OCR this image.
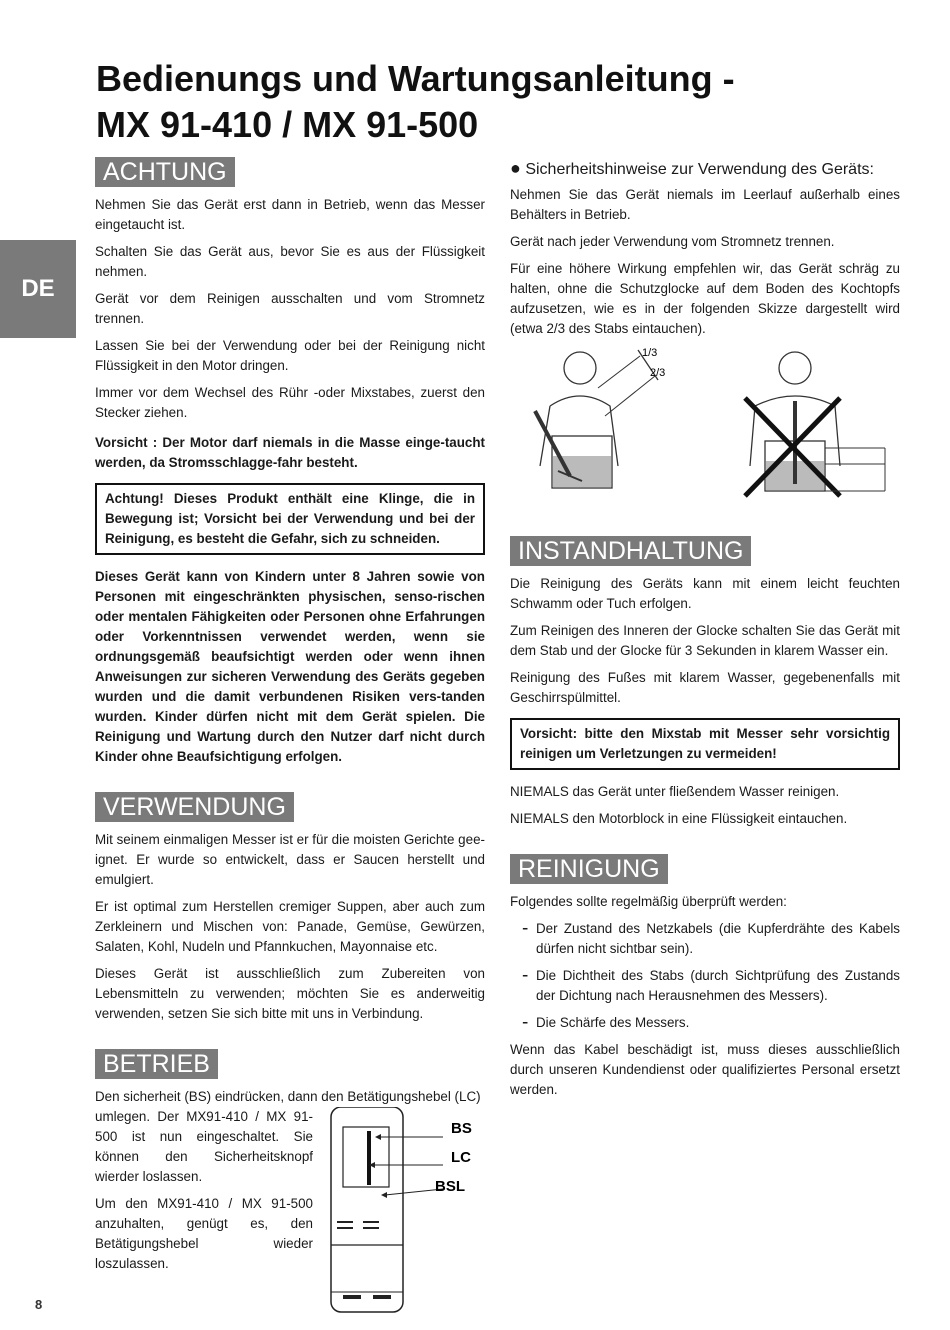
Bedienungs und Wartungsanleitung -
MX 91-410 / MX 91-500
DE
ACHTUNG

Nehmen Sie das Gerät erst dann in Betrieb, wenn das Messer eingetaucht ist.

Schalten Sie das Gerät aus, bevor Sie es aus der Flüssigkeit nehmen.

Gerät vor dem Reinigen ausschalten und vom Stromnetz trennen.

Lassen Sie bei der Verwendung oder bei der Reinigung nicht Flüssigkeit in den Motor dringen.

Immer vor dem Wechsel des Rühr -oder Mixstabes, zuerst den Stecker ziehen.

Vorsicht : Der Motor darf niemals in die Masse einge-taucht werden, da Stromsschlagge-fahr besteht.

Achtung! Dieses Produkt enthält eine Klinge, die in Bewegung ist; Vorsicht bei der Verwendung und bei der Reinigung, es besteht die Gefahr, sich zu schneiden.

Dieses Gerät kann von Kindern unter 8 Jahren sowie von Personen mit eingeschränkten physischen, senso-rischen oder mentalen Fähigkeiten oder Personen ohne Erfahrungen oder Vorkenntnissen verwendet werden, wenn sie ordnungsgemäß beaufsichtigt werden oder wenn ihnen Anweisungen zur sicheren Verwendung des Geräts gegeben wurden und die damit verbundenen Risiken vers-tanden wurden. Kinder dürfen nicht mit dem Gerät spielen. Die Reinigung und Wartung durch den Nutzer darf nicht durch Kinder ohne Beaufsichtigung erfolgen.

VERWENDUNG

Mit seinem einmaligen Messer ist er für die moisten Gerichte gee-ignet. Er wurde so entwickelt, dass er Saucen herstellt und emulgiert.

Er ist optimal zum Herstellen cremiger Suppen, aber auch zum Zerkleinern und Mischen von: Panade, Gemüse, Gewürzen, Salaten, Kohl, Nudeln und Pfannkuchen, Mayonnaise etc.

Dieses Gerät ist ausschließlich zum Zubereiten von Lebensmitteln zu verwenden; möchten Sie es anderweitig verwenden, setzen Sie sich bitte mit uns in Verbindung.

BETRIEB

Den sicherheit (BS) eindrücken, dann den Betätigungshebel (LC)

umlegen. Der MX91-410 / MX 91-500 ist nun eingeschaltet. Sie können den Sicherheitsknopf wierder loslassen.

Um den MX91-410 / MX 91-500 anzuhalten, genügt es, den Betätigungshebel wieder loszulassen.

BS
LC
BSL
● Sicherheitshinweise zur Verwendung des Geräts:

Nehmen Sie das Gerät niemals im Leerlauf außerhalb eines Behälters in Betrieb.

Gerät nach jeder Verwendung vom Stromnetz trennen.

Für eine höhere Wirkung empfehlen wir, das Gerät schräg zu halten, ohne die Schutzglocke auf dem Boden des Kochtopfs aufzusetzen, wie es in der folgenden Skizze dargestellt wird (etwa 2/3 des Stabs eintauchen).

1/3
2/3
INSTANDHALTUNG

Die Reinigung des Geräts kann mit einem leicht feuchten Schwamm oder Tuch erfolgen.

Zum Reinigen des Inneren der Glocke schalten Sie das Gerät mit dem Stab und der Glocke für 3 Sekunden in klarem Wasser ein.

Reinigung des Fußes mit klarem Wasser, gegebenenfalls mit Geschirrspülmittel.

Vorsicht: bitte den Mixstab mit Messer sehr vorsichtig reinigen um Verletzungen zu vermeiden!

NIEMALS das Gerät unter fließendem Wasser reinigen.

NIEMALS den Motorblock in eine Flüssigkeit eintauchen.

REINIGUNG

Folgendes sollte regelmäßig überprüft werden:

- Der Zustand des Netzkabels (die Kupferdrähte des Kabels dürfen nicht sichtbar sein).

- Die Dichtheit des Stabs (durch Sichtprüfung des Zustands der Dichtung nach Herausnehmen des Messers).

- Die Schärfe des Messers.

Wenn das Kabel beschädigt ist, muss dieses ausschließlich durch unseren Kundendienst oder qualifiziertes Personal ersetzt werden.

8
